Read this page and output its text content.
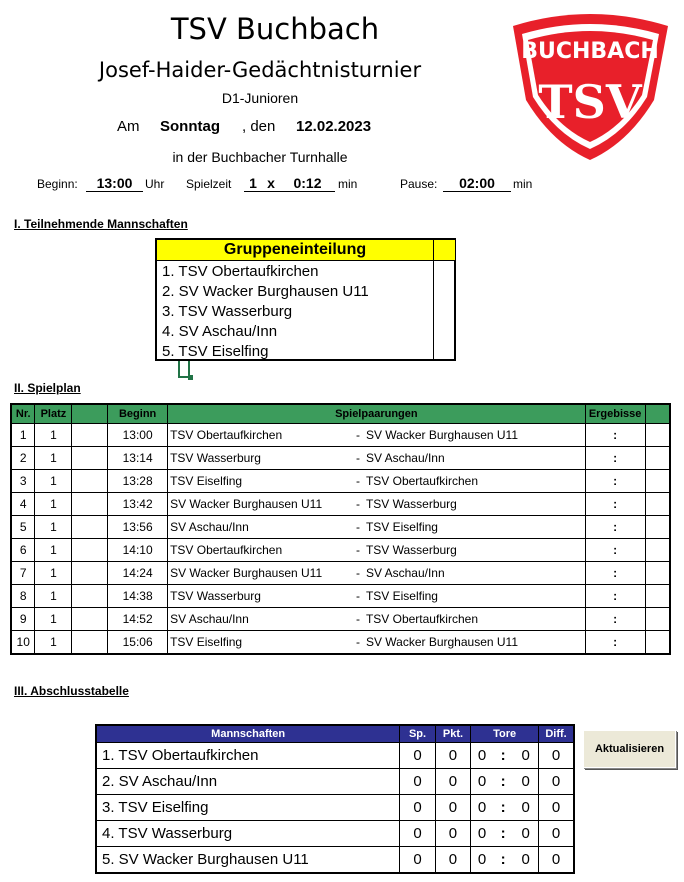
TSV Buchbach
Josef-Haider-Gedächtnisturnier
D1-Junioren
Am Sonntag , den 12.02.2023
in der Buchbacher Turnhalle
BUCHBACH
TSV
Beginn:	13:00	Uhr Spielzeit	1 x	0:12	min	Pause:	02:00	min
I. Teilnehmende Mannschaften
Gruppeneinteilung
1. TSV Obertaufkirchen
2. SV Wacker Burghausen U11
3. TSV Wasserburg
4. SV Aschau/Inn
5. TSV Eiselfing
II. Spielplan
Nr.	Platz		Beginn	Spielpaarungen		Ergebisse	
1	1		13:00	TSV Obertaufkirchen	- SV Wacker Burghausen U11	:	
2	1		13:14	TSV Wasserburg	- SV Aschau/Inn	:	
3	1		13:28	TSV Eiselfing	- TSV Obertaufkirchen	:	
4	1		13:42	SV Wacker Burghausen U11	- TSV Wasserburg	:	
5	1		13:56	SV Aschau/Inn	- TSV Eiselfing	:	
6	1		14:10	TSV Obertaufkirchen	- TSV Wasserburg	:	
7	1		14:24	SV Wacker Burghausen U11	- SV Aschau/Inn	:	
8	1		14:38	TSV Wasserburg	- TSV Eiselfing	:	
9	1		14:52	SV Aschau/Inn	- TSV Obertaufkirchen	:	
10	1		15:06	TSV Eiselfing	- SV Wacker Burghausen U11	:	
III. Abschlusstabelle
Mannschaften	Sp.	Pkt.	Tore			Diff.
1. TSV Obertaufkirchen	0	0	0	:	0	0
2. SV Aschau/Inn	0	0	0	:	0	0
3. TSV Eiselfing	0	0	0	:	0	0
4. TSV Wasserburg	0	0	0	:	0	0
5. SV Wacker Burghausen U11	0	0	0	:	0	0
Aktualisieren
